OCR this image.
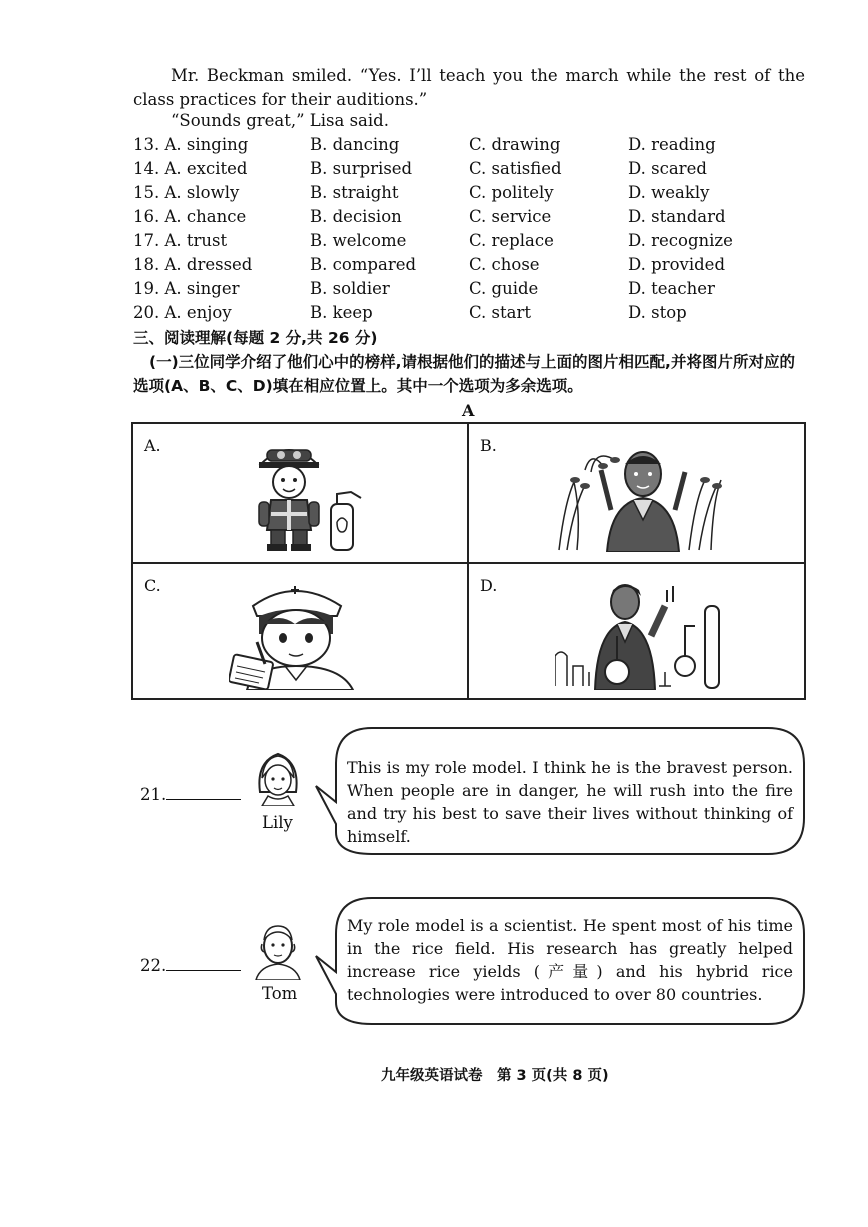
Mr. Beckman smiled. “Yes. I’ll teach you the march while the rest of the class practices for their auditions.”
“Sounds great,” Lisa said.
13. A. singing	B. dancing	C. drawing	D. reading
14. A. excited	B. surprised	C. satisfied	D. scared
15. A. slowly	B. straight	C. politely	D. weakly
16. A. chance	B. decision	C. service	D. standard
17. A. trust	B. welcome	C. replace	D. recognize
18. A. dressed	B. compared	C. chose	D. provided
19. A. singer	B. soldier	C. guide	D. teacher
20. A. enjoy	B. keep	C. start	D. stop
三、阅读理解(每题 2 分,共 26 分)
(一)三位同学介绍了他们心中的榜样,请根据他们的描述与上面的图片相匹配,并将图片所对应的选项(A、B、C、D)填在相应位置上。其中一个选项为多余选项。
A
A.	B.
C.	D.
21.
Lily
This is my role model. I think he is the bravest person. When people are in danger, he will rush into the fire and try his best to save their lives without thinking of himself.
22.
Tom
My role model is a scientist. He spent most of his time in the rice field. His research has greatly helped increase rice yields (产量) and his hybrid rice technologies were introduced to over 80 countries.
九年级英语试卷　第 3 页(共 8 页)
